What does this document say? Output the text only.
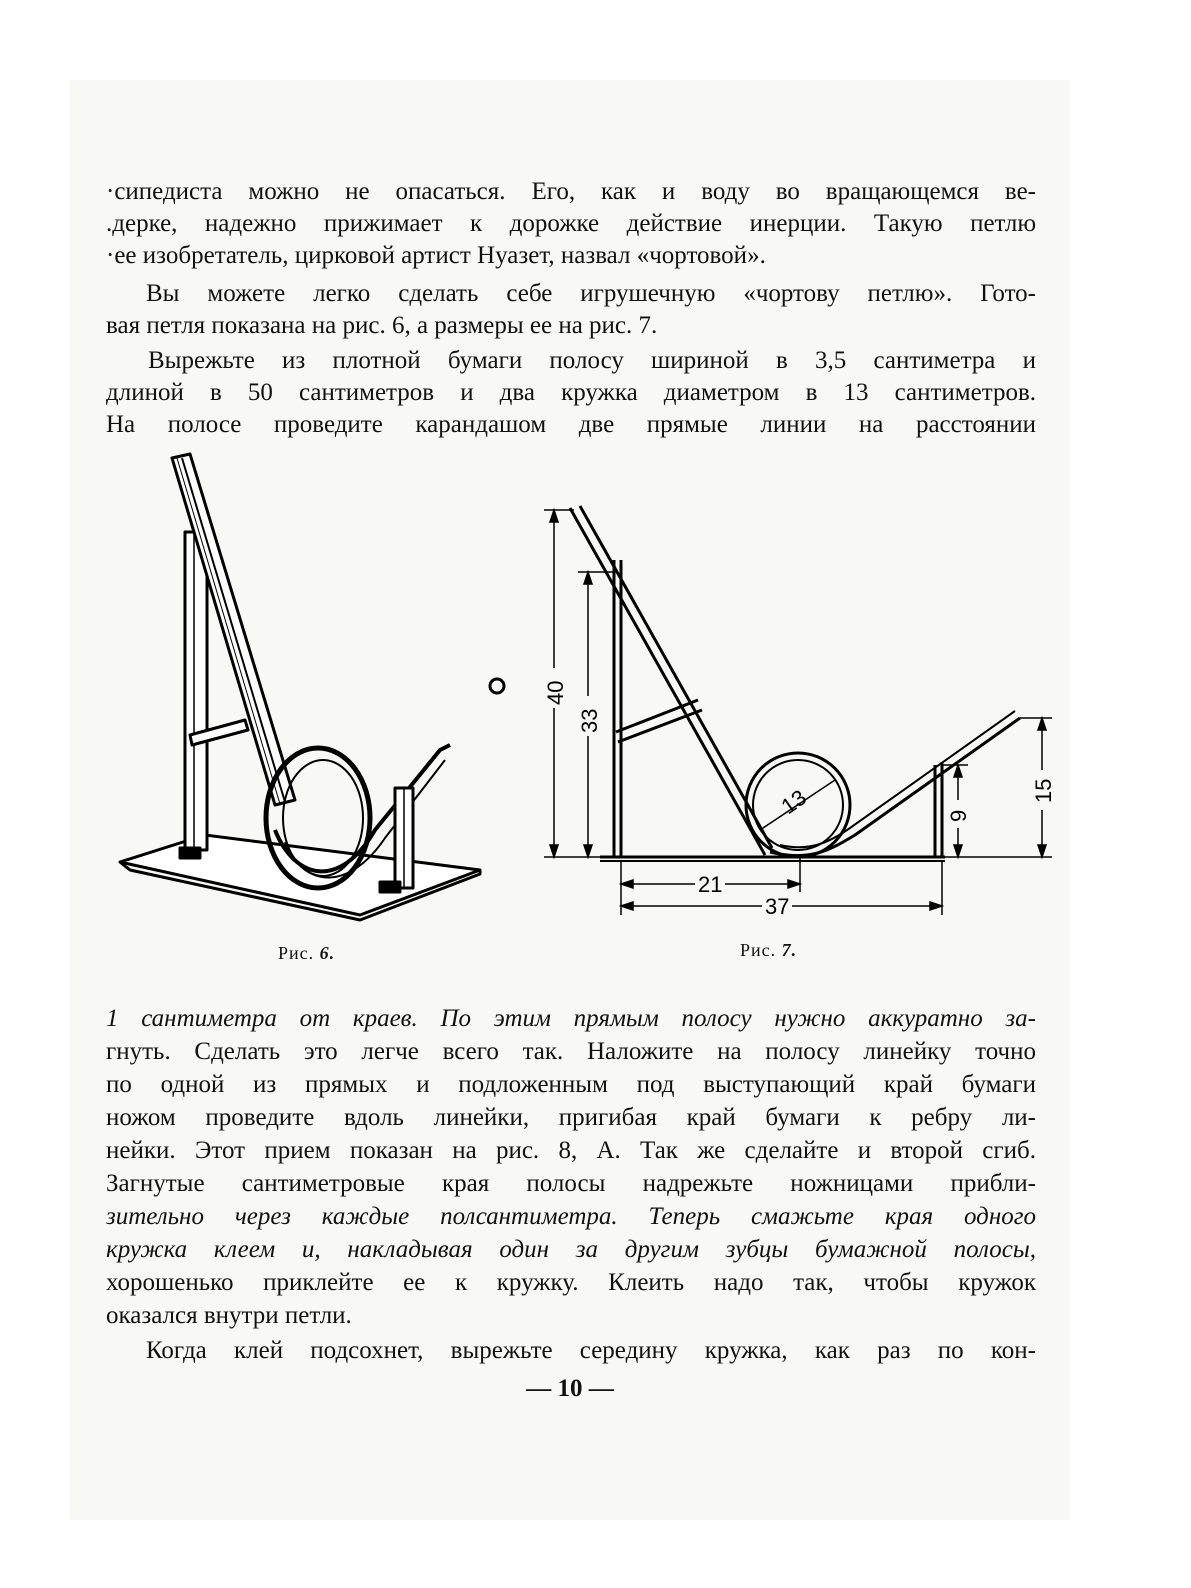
·сипедиста можно не опасаться. Его, как и воду во вращающемся ве-

.дерке, надежно прижимает к дорожке действие инерции. Такую петлю

·ее изобретатель, цирковой артист Нуазет, назвал «чортовой».

Вы можете легко сделать себе игрушечную «чортову петлю». Гото-

вая петля показана на рис. 6, а размеры ее на рис. 7.

Вырежьте из плотной бумаги полосу шириной в 3,5 сантиметра и

длиной в 50 сантиметров и два кружка диаметром в 13 сантиметров.

На полосе проведите карандашом две прямые линии на расстоянии

Рис. 6.
40
33
13	9
15
21
37
Рис. 7.

1 сантиметра от краев. По этим прямым полосу нужно аккуратно за-

гнуть. Сделать это легче всего так. Наложите на полосу линейку точно

по одной из прямых и подложенным под выступающий край бумаги

ножом проведите вдоль линейки, пригибая край бумаги к ребру ли-

нейки. Этот прием показан на рис. 8, А. Так же сделайте и второй сгиб.

Загнутые сантиметровые края полосы надрежьте ножницами прибли-

зительно через каждые полсантиметра. Теперь смажьте края одного

кружка клеем и, накладывая один за другим зубцы бумажной полосы,

хорошенько приклейте ее к кружку. Клеить надо так, чтобы кружок

оказался внутри петли.

Когда клей подсохнет, вырежьте середину кружка, как раз по кон-

— 10 —
